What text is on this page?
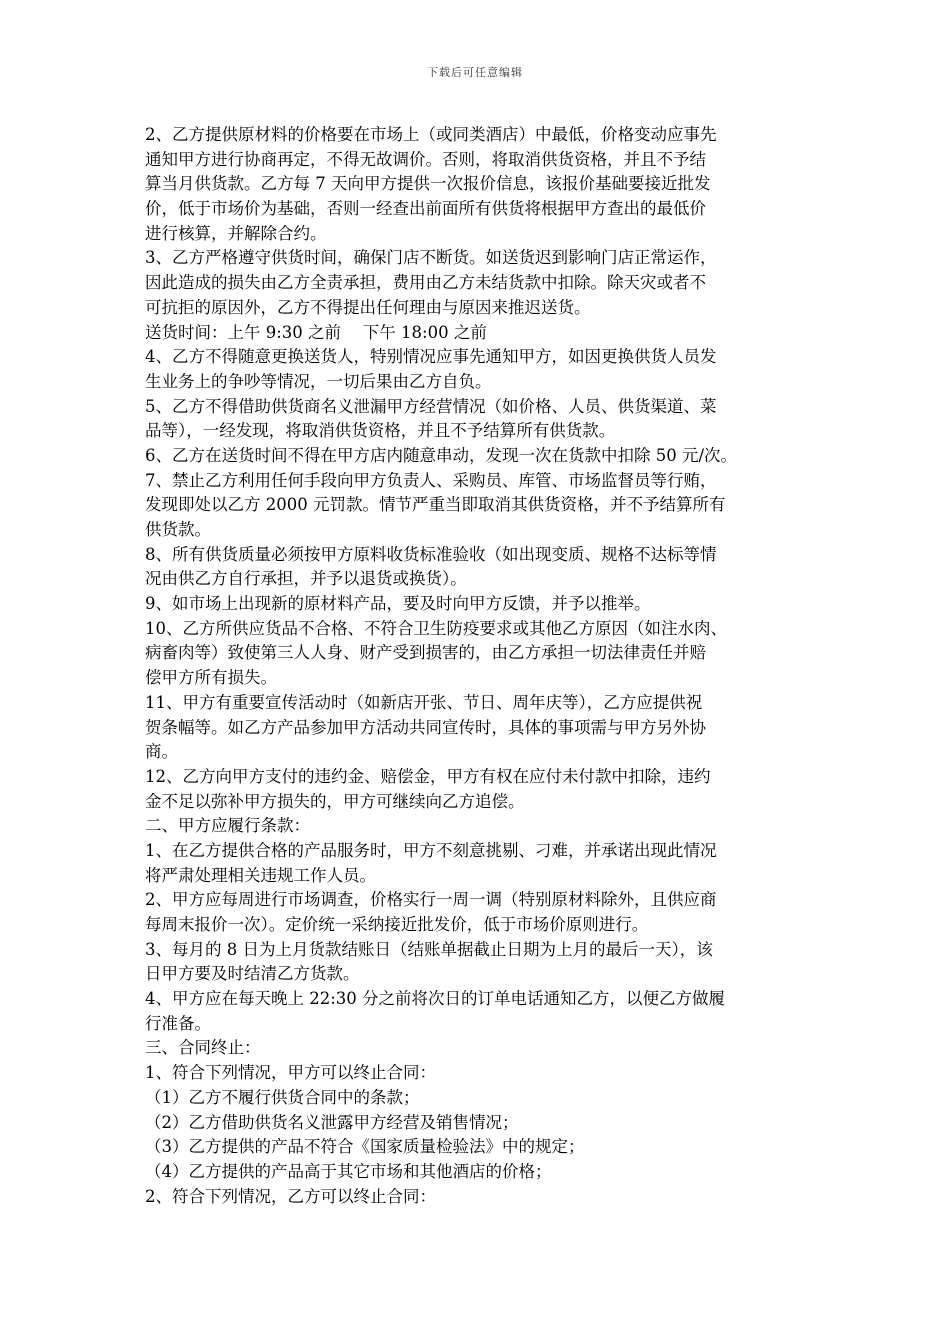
下载后可任意编辑
2、乙方提供原材料的价格要在市场上（或同类酒店）中最低，价格变动应事先
通知甲方进行协商再定，不得无故调价。否则，将取消供货资格，并且不予结
算当月供货款。乙方每 7 天向甲方提供一次报价信息，该报价基础要接近批发
价，低于市场价为基础，否则一经查出前面所有供货将根据甲方查出的最低价
进行核算，并解除合约。
3、乙方严格遵守供货时间，确保门店不断货。如送货迟到影响门店正常运作，
因此造成的损失由乙方全责承担，费用由乙方未结货款中扣除。除天灾或者不
可抗拒的原因外，乙方不得提出任何理由与原因来推迟送货。
送货时间：上午 9:30 之前　 下午 18:00 之前
4、乙方不得随意更换送货人，特别情况应事先通知甲方，如因更换供货人员发
生业务上的争吵等情况，一切后果由乙方自负。
5、乙方不得借助供货商名义泄漏甲方经营情况（如价格、人员、供货渠道、菜
品等），一经发现，将取消供货资格，并且不予结算所有供货款。
6、乙方在送货时间不得在甲方店内随意串动，发现一次在货款中扣除 50 元/次。
7、禁止乙方利用任何手段向甲方负责人、采购员、库管、市场监督员等行贿，
发现即处以乙方 2000 元罚款。情节严重当即取消其供货资格，并不予结算所有
供货款。
8、所有供货质量必须按甲方原料收货标准验收（如出现变质、规格不达标等情
况由供乙方自行承担，并予以退货或换货）。
9、如市场上出现新的原材料产品，要及时向甲方反馈，并予以推举。
10、乙方所供应货品不合格、不符合卫生防疫要求或其他乙方原因（如注水肉、
病畜肉等）致使第三人人身、财产受到损害的，由乙方承担一切法律责任并赔
偿甲方所有损失。
11、甲方有重要宣传活动时（如新店开张、节日、周年庆等），乙方应提供祝
贺条幅等。如乙方产品参加甲方活动共同宣传时，具体的事项需与甲方另外协
商。
12、乙方向甲方支付的违约金、赔偿金，甲方有权在应付未付款中扣除，违约
金不足以弥补甲方损失的，甲方可继续向乙方追偿。
二、甲方应履行条款：
1、在乙方提供合格的产品服务时，甲方不刻意挑剔、刁难，并承诺出现此情况
将严肃处理相关违规工作人员。
2、甲方应每周进行市场调查，价格实行一周一调（特别原材料除外，且供应商
每周末报价一次）。定价统一采纳接近批发价，低于市场价原则进行。
3、每月的 8 日为上月货款结账日（结账单据截止日期为上月的最后一天），该
日甲方要及时结清乙方货款。
4、甲方应在每天晚上 22:30 分之前将次日的订单电话通知乙方，以便乙方做履
行准备。
三、合同终止：
1、符合下列情况，甲方可以终止合同：
（1）乙方不履行供货合同中的条款；
（2）乙方借助供货名义泄露甲方经营及销售情况；
（3）乙方提供的产品不符合《国家质量检验法》中的规定；
（4）乙方提供的产品高于其它市场和其他酒店的价格；
2、符合下列情况，乙方可以终止合同：
